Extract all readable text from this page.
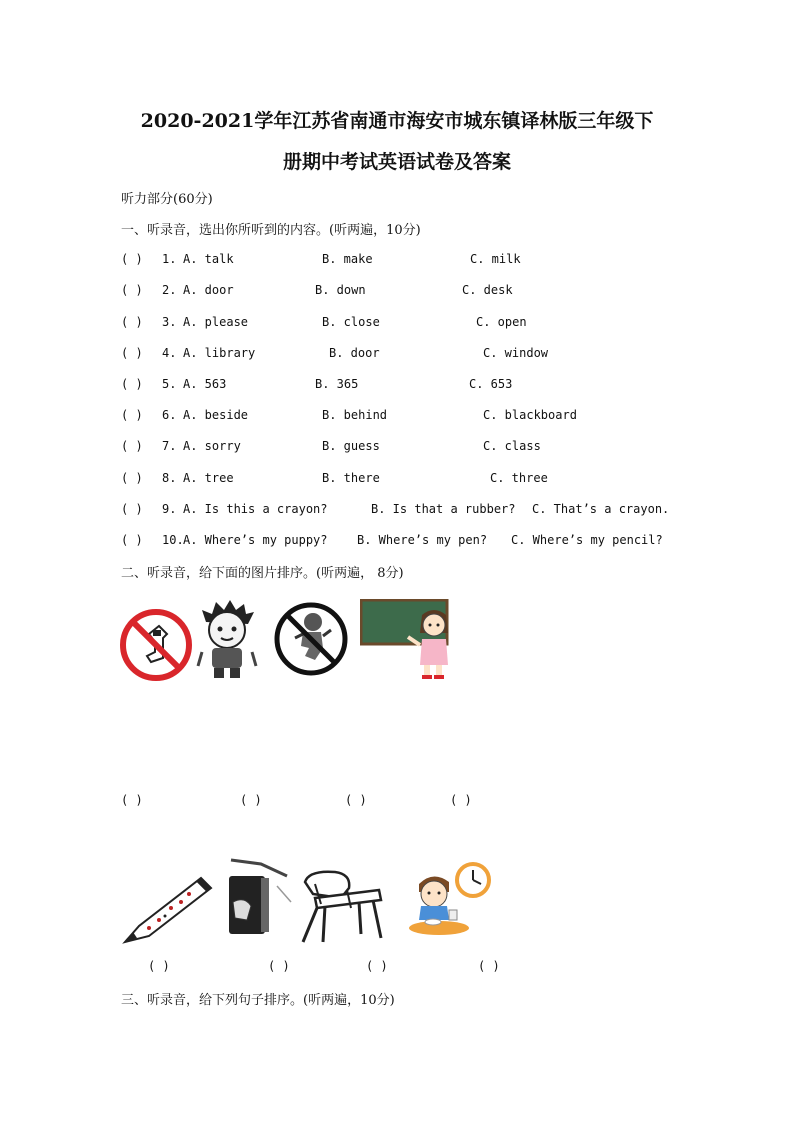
2020-2021学年江苏省南通市海安市城东镇译林版三年级下
册期中考试英语试卷及答案
听力部分(60分)
一、听录音，选出你所听到的内容。(听两遍，10分)
( ) 1. A. talk	B. make	C. milk
( ) 2. A. door	B. down	C. desk
( ) 3. A. please	B. close	C. open
( ) 4. A. library	B. door	C. window
( ) 5. A. 563	B. 365	C. 653
( ) 6. A. beside	B. behind	C. blackboard
( ) 7. A. sorry	B. guess	C. class
( ) 8. A. tree	B. there	C. three
( ) 9. A. Is this a crayon?	B. Is that a rubber? C. That’s a crayon.
( ) 10. A. Where’s my puppy? B. Where’s my pen? C. Where’s my pencil?
二、听录音，给下面的图片排序。(听两遍， 8分)
( )	( )	( )	( )
( )	( )	( )	( )
三、听录音，给下列句子排序。(听两遍，10分)
